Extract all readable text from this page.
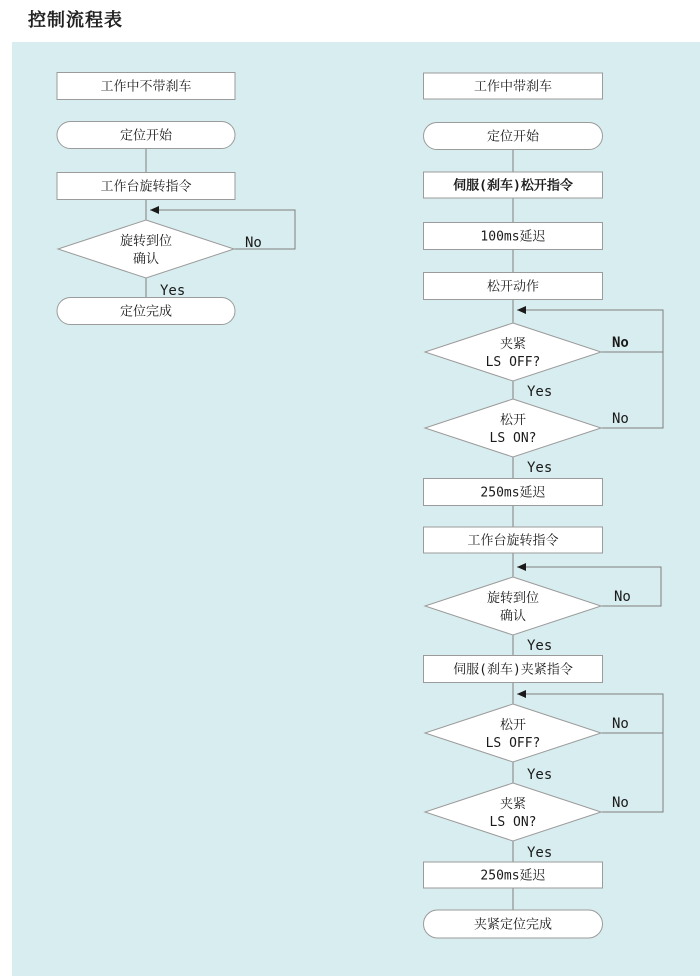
控制流程表
工作中不带刹车
定位开始
工作台旋转指令
旋转到位确认
定位完成
工作中带刹车
定位开始
伺服(刹车)松开指令
100ms延迟
松开动作
夹紧 LS OFF?
松开 LS ON?
250ms延迟
工作台旋转指令
旋转到位确认
伺服(刹车)夹紧指令
松开 LS OFF?
夹紧 LS ON?
250ms延迟
夹紧定位完成
No
Yes
No
Yes
No
Yes
No
Yes
No
Yes
No
Yes
